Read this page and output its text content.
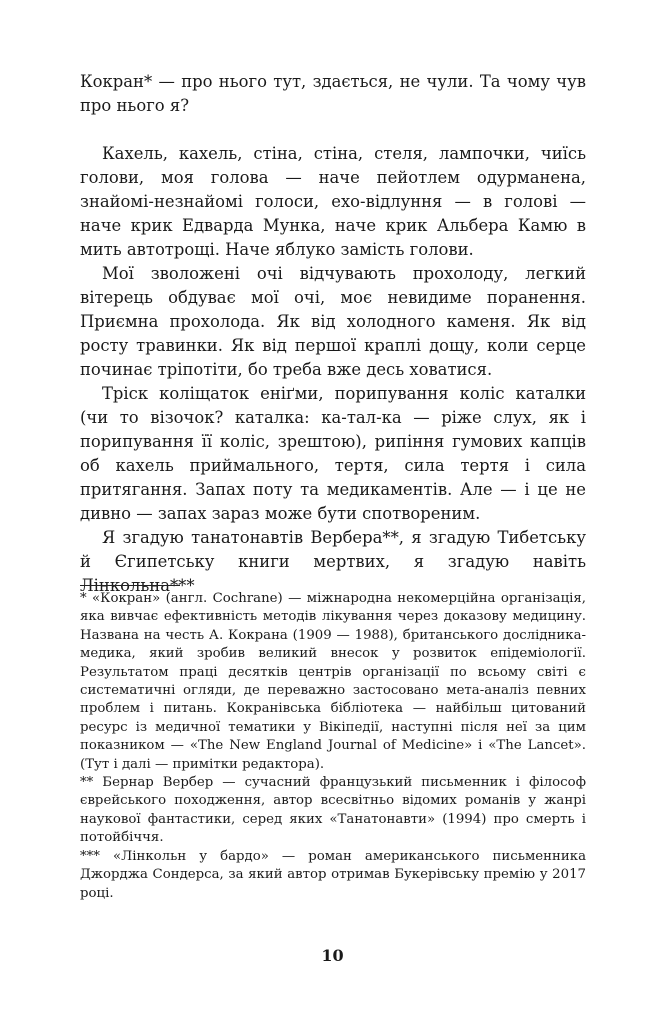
Кокран* — про нього тут, здається, не чули. Та чому чув про нього я?

Кахель, кахель, стіна, стіна, стеля, лампочки, чиїсь голови, моя голова — наче пейотлем одурманена, знайомі-незнайомі голоси, ехо-відлуння — в голові — наче крик Едварда Мунка, наче крик Альбера Камю в мить автотрощі. Наче яблуко замість голови.

Мої зволожені очі відчувають прохолоду, легкий вітерець обдуває мої очі, моє невидиме поранення. Приємна прохолода. Як від холодного каменя. Як від росту травинки. Як від першої краплі дощу, коли серце починає тріпотіти, бо треба вже десь ховатися.

Тріск коліщаток еніґми, порипування коліс каталки (чи то візочок? каталка: ка-тал-ка — ріже слух, як і порипування її коліс, зрештою), рипіння гумових капців об кахель приймального, тертя, сила тертя і сила притягання. Запах поту та медикаментів. Але — і це не дивно — запах зараз може бути спотвореним.

Я згадую танатонавтів Вербера**, я згадую Тибетську й Єгипетську книги мертвих, я згадую навіть Лінкольна***

* «Кокран» (англ. Cochrane) — міжнародна некомерційна організація, яка вивчає ефективність методів лікування через доказову медицину. Названа на честь А. Кокрана (1909 — 1988), британського дослідника-медика, який зробив великий внесок у розвиток епідеміології. Результатом праці десятків центрів організації по всьому світі є систематичні огляди, де переважно застосовано мета-аналіз певних проблем і питань. Кокранівська бібліотека — найбільш цитований ресурс із медичної тематики у Вікіпедії, наступні після неї за цим показником — «The New England Journal of Medicine» і «The Lancet». (Тут і далі — примітки редактора).

** Бернар Вербер — сучасний французький письменник і філософ єврейського походження, автор всесвітньо відомих романів у жанрі наукової фантастики, серед яких «Танатонавти» (1994) про смерть і потойбіччя.

*** «Лінкольн у бардо» — роман американського письменника Джорджа Сондерса, за який автор отримав Букерівську премію у 2017 році.

10
